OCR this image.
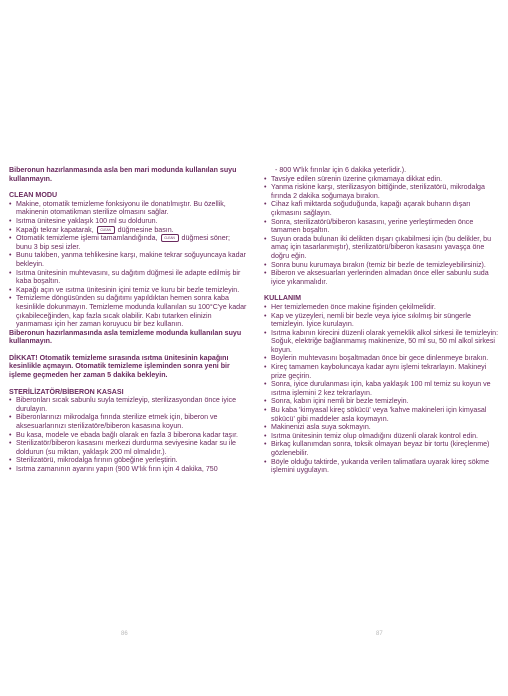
Biberonun hazırlanmasında asla ben mari modunda kullanılan suyu kullanmayın.

CLEAN MODU

• Makine, otomatik temizleme fonksiyonu ile donatılmıştır. Bu özellik, makinenin otomatikman sterilize olmasını sağlar.
• Isıtma ünitesine yaklaşık 100 ml su doldurun.
• Kapağı tekrar kapatarak, CLEAN düğmesine basın.
• Otomatik temizleme işlemi tamamlandığında, CLEAN düğmesi söner; bunu 3 bip sesi izler.
• Bunu takiben, yanma tehlikesine karşı, makine tekrar soğuyuncaya kadar bekleyin.
• Isıtma ünitesinin muhtevasını, su dağıtım düğmesi ile adapte edilmiş bir kaba boşaltın.
• Kapağı açın ve ısıtma ünitesinin içini temiz ve kuru bir bezle temizleyin.
• Temizleme döngüsünden su dağıtımı yapıldıktan hemen sonra kaba kesinlikle dokunmayın. Temizleme modunda kullanılan su 100°C'ye kadar çıkabileceğinden, kap fazla sıcak olabilir. Kabı tutarken elinizin yanmaması için her zaman koruyucu bir bez kullanın.

Biberonun hazırlanmasında asla temizleme modunda kullanılan suyu kullanmayın.

DİKKAT! Otomatik temizleme sırasında ısıtma ünitesinin kapağını kesinlikle açmayın. Otomatik temizleme işleminden sonra yeni bir işleme geçmeden her zaman 5 dakika bekleyin.

STERİLİZATÖR/BİBERON KASASI

• Biberonları sıcak sabunlu suyla temizleyip, sterilizasyondan önce iyice durulayın.
• Biberonlarınızı mikrodalga fırında sterilize etmek için, biberon ve aksesuarlarınızı sterilizatöre/biberon kasasına koyun.
• Bu kasa, modele ve ebada bağlı olarak en fazla 3 biberona kadar taşır.
• Sterilizatör/biberon kasasını merkezi durdurma seviyesine kadar su ile doldurun (su miktarı, yaklaşık 200 ml olmalıdır.).
• Sterilizatörü, mikrodalga fırının göbeğine yerleştirin.
• Isıtma zamanının ayarını yapın (900 W'lık fırın için 4 dakika, 750
- 800 W'lık fırınlar için 6 dakika yeterlidir.).
• Tavsiye edilen sürenin üzerine çıkmamaya dikkat edin.
• Yanma riskine karşı, sterilizasyon bittiğinde, sterilizatörü, mikrodalga fırında 2 dakika soğumaya bırakın.
• Cihaz kafi miktarda soğuduğunda, kapağı açarak buharın dışarı çıkmasını sağlayın.
• Sonra, sterilizatörü/biberon kasasını, yerine yerleştirmeden önce tamamen boşaltın.
• Suyun orada bulunan iki delikten dışarı çıkabilmesi için (bu delikler, bu amaç için tasarlanmıştır), sterilizatörü/biberon kasasını yavaşça öne doğru eğin.
• Sonra bunu kurumaya bırakın (temiz bir bezle de temizleyebilirsiniz).
• Biberon ve aksesuarları yerlerinden almadan önce eller sabunlu suda iyice yıkanmalıdır.

KULLANIM

• Her temizlemeden önce makine fişinden çekilmelidir.
• Kap ve yüzeyleri, nemli bir bezle veya iyice sıkılmış bir süngerle temizleyin. İyice kurulayın.
• Isıtma kabının kirecini düzenli olarak yemeklik alkol sirkesi ile temizleyin: Soğuk, elektriğe bağlanmamış makinenize, 50 ml su, 50 ml alkol sirkesi koyun.
• Boylerin muhtevasını boşaltmadan önce bir gece dinlenmeye bırakın.
• Kireç tamamen kayboluncaya kadar aynı işlemi tekrarlayın. Makineyi prize geçirin.
• Sonra, iyice durulanması için, kaba yaklaşık 100 ml temiz su koyun ve ısıtma işlemini 2 kez tekrarlayın.
• Sonra, kabın içini nemli bir bezle temizleyin.
• Bu kaba 'kimyasal kireç sökücü' veya 'kahve makineleri için kimyasal sökücü' gibi maddeler asla koymayın.
• Makinenizi asla suya sokmayın.
• Isıtma ünitesinin temiz olup olmadığını düzenli olarak kontrol edin.
• Birkaç kullanımdan sonra, toksik olmayan beyaz bir tortu (kireçlenme) gözlenebilir.
• Böyle olduğu taktirde, yukarıda verilen talimatlara uyarak kireç sökme işlemini uygulayın.
86	87
